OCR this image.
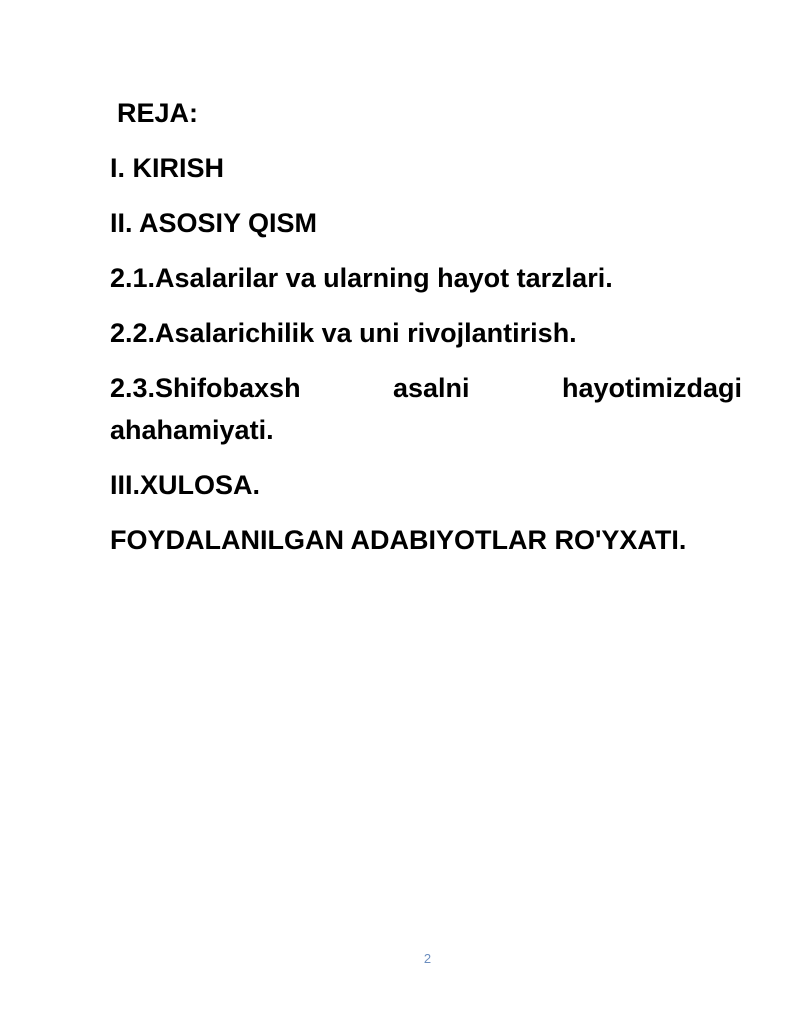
REJA:
I. KIRISH
II. ASOSIY QISM
2.1.Asalarilar va ularning hayot tarzlari.
2.2.Asalarichilik va uni rivojlantirish.
2.3.Shifobaxsh	asalni	hayotimizdagi
ahahamiyati.
III.XULOSA.
FOYDALANILGAN ADABIYOTLAR RO'YXATI.
2
